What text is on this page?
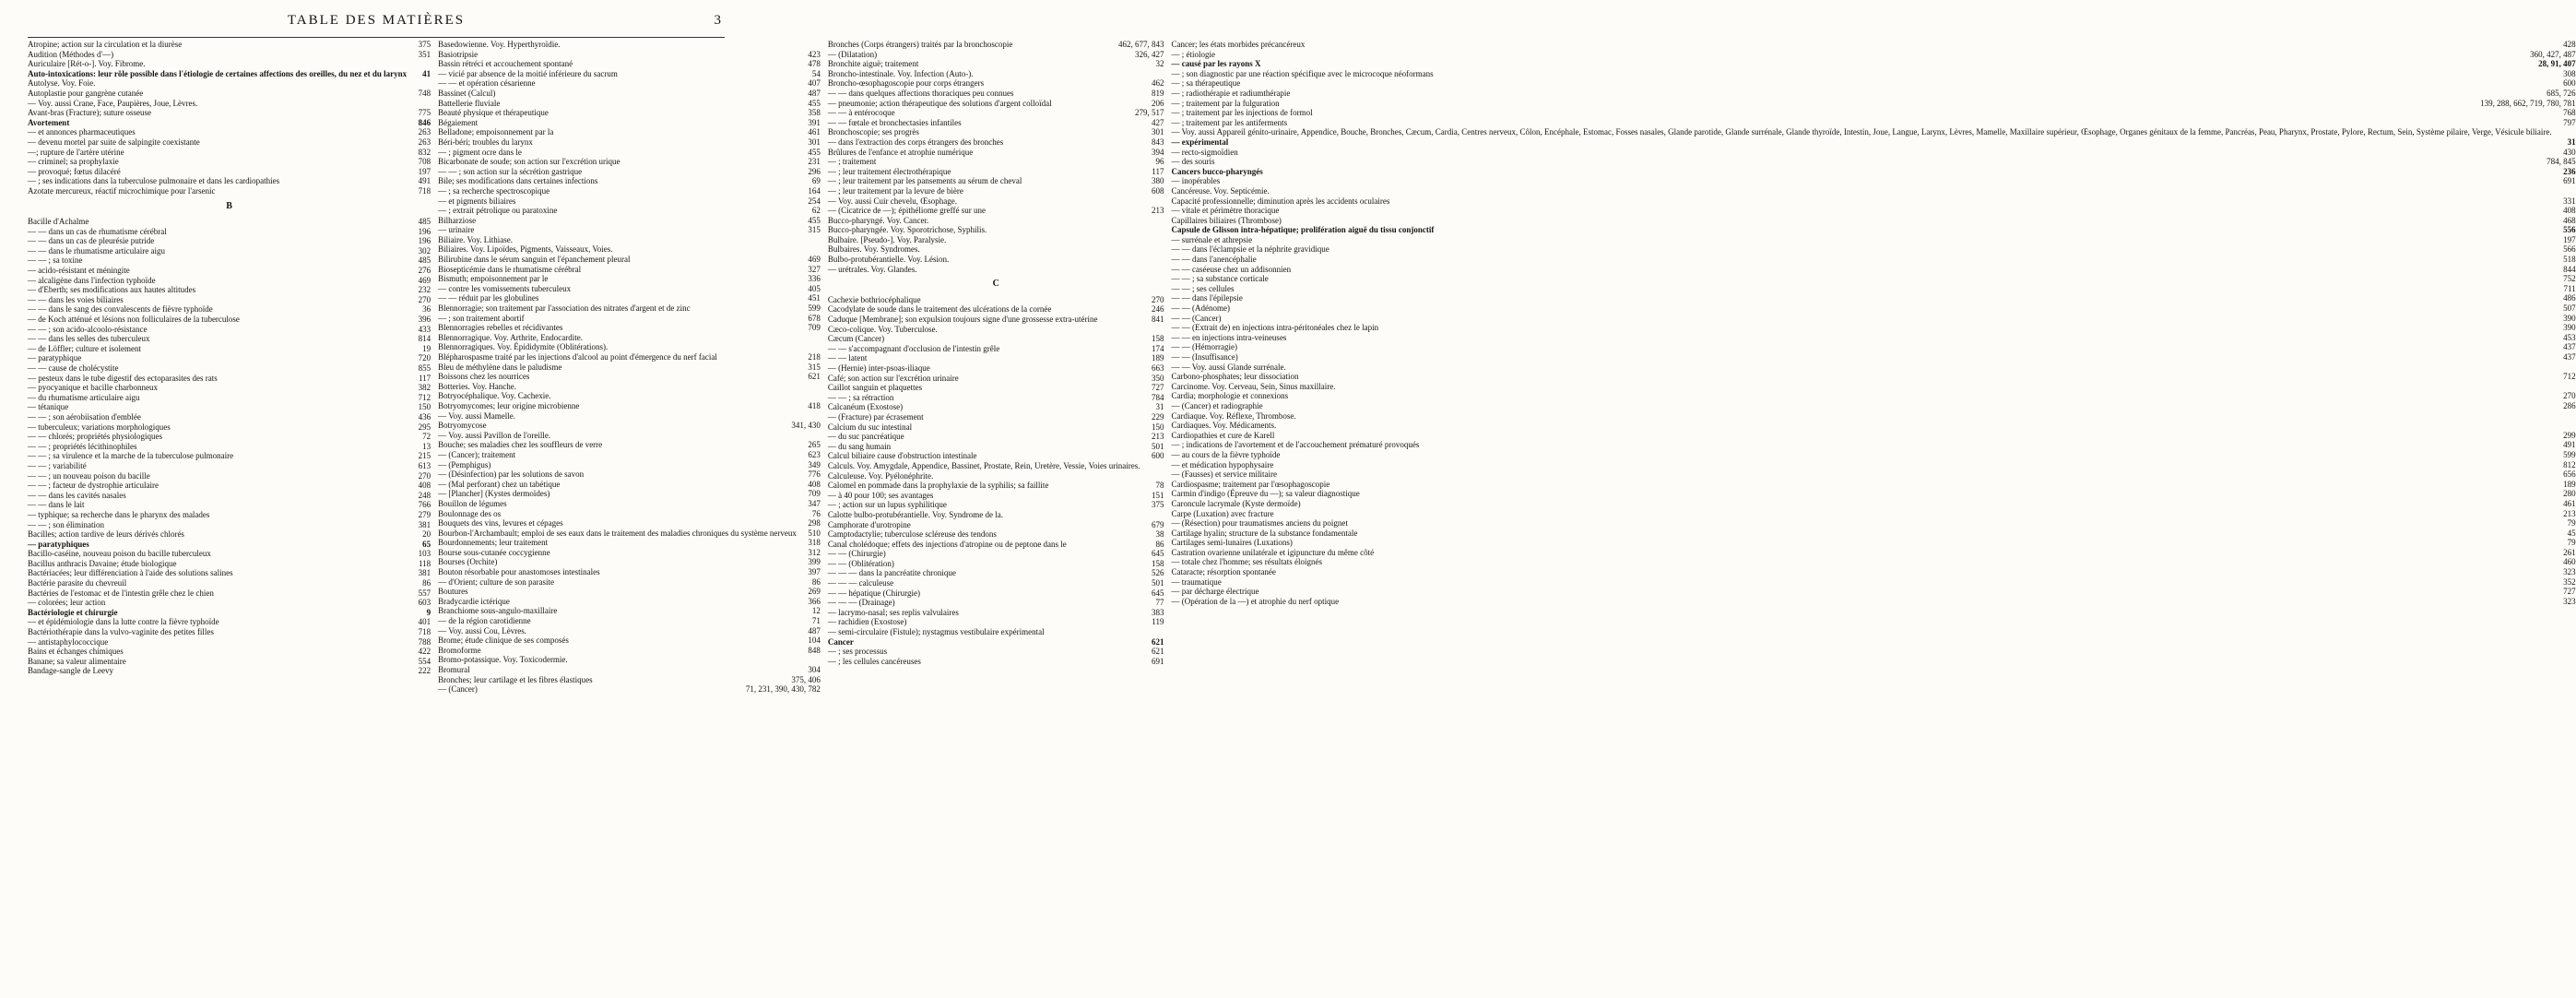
TABLE DES MATIÈRES	3
Atropine; action sur la circulation et la diurèse	375
Audition (Méthodes d'—)	351
Auriculaire [Rét-o-]. Voy. Fibrome.
Auto-intoxications: leur rôle possible dans l'étiologie de certaines affections des oreilles, du nez et du larynx	41
Autolyse. Voy. Foie.
Autoplastie pour gangrène cutanée	748
— Voy. aussi Crane, Face, Paupières, Joue, Lèvres.
Avant-bras (Fracture); suture osseuse	775
Avortement	846
— et annonces pharmaceutiques	263
— devenu mortel par suite de salpingite coexistante	263
—; rupture de l'artère utérine	832
— criminel; sa prophylaxie	708
— provoqué; fœtus dilacéré	197
— ; ses indications dans la tuberculose pulmonaire et dans les cardiopathies	491
Azotate mercureux, réactif microchimique pour l'arsenic	718
B
Bacille d'Achalme	485
— — dans un cas de rhumatisme cérébral	196
— — dans un cas de pleurésie putride	196
— — dans le rhumatisme articulaire aigu	302
— — ; sa toxine	485
— acido-résistant et méningite	276
— alcaligène dans l'infection typhoïde	469
— d'Eberth; ses modifications aux hautes altitudes	232
— — dans les voies biliaires	270
— — dans le sang des convalescents de fièvre typhoïde	36
— de Koch atténué et lésions non folliculaires de la tuberculose	396
— — ; son acido-alcoolo-résistance	433
— — dans les selles des tuberculeux	814
— de Löffler; culture et isolement	19
— paratyphique	720
— — cause de cholécystite	855
— pesteux dans le tube digestif des ectoparasites des rats	117
— pyocyanique et bacille charbonneux	382
— du rhumatisme articulaire aigu	712
— tétanique	150
— — ; son aérobiisation d'emblée	436
— tuberculeux; variations morphologiques	295
— — chlorés; propriétés physiologiques	72
— — ; propriétés lécithinophiles	13
— — ; sa virulence et la marche de la tuberculose pulmonaire	215
— — ; variabilité	613
— — ; un nouveau poison du bacille	270
— — ; facteur de dystrophie articulaire	408
— — dans les cavités nasales	248
— — dans le lait	766
— typhique; sa recherche dans le pharynx des malades	279
— — ; son élimination	381
Bacilles; action tardive de leurs dérivés chlorés	20
— paratyphiques	65
Bacillo-caséine, nouveau poison du bacille tuberculeux	103
Bacillus anthracis Davaine; étude biologique	118
Bactériacées; leur différenciation à l'aide des solutions salines	381
Bactérie parasite du chevreuil	86
Bactéries de l'estomac et de l'intestin grêle chez le chien	557
— colorées; leur action	603
Bactériologie et chirurgie	9
— et épidémiologie dans la lutte contre la fièvre typhoïde	401
Bactériothérapie dans la vulvo-vaginite des petites filles	718
— antistaphylococcique	788
Bains et échanges chimiques	422
Banane; sa valeur alimentaire	554
Bandage-sangle de Leevy	222
Basedowienne. Voy. Hyperthyroïdie.
Basiotripsie	423
Bassin rétréci et accouchement spontané	478
— vicié par absence de la moitié inférieure du sacrum	54
— — et opération césarienne	407
Bassinet (Calcul)	487
Battellerie fluviale	455
Beauté physique et thérapeutique	358
Bégaiement	391
Belladone; empoisonnement par la	461
Béri-béri; troubles du larynx	301
— ; pigment ocre dans le	455
Bicarbonate de soude; son action sur l'excrétion urique	231
— — ; son action sur la sécrétion gastrique	296
Bile; ses modifications dans certaines infections	69
— ; sa recherche spectroscopique	164
— et pigments biliaires	254
— ; extrait pétrolique ou paratoxine	62
Bilharziose	455
— urinaire	315
Biliaire. Voy. Lithiase.
Biliaires. Voy. Lipoïdes, Pigments, Vaisseaux, Voies.
Bilirubine dans le sérum sanguin et l'épanchement pleural	469
Biosepticémie dans le rhumatisme cérébral	327
Bismuth; empoisonnement par le	336
— contre les vomissements tuberculeux	405
— — réduit par les globulines	451
Blennorragie; son traitement par l'association des nitrates d'argent et de zinc	599
— ; son traitement abortif	678
Blennorragies rebelles et récidivantes	709
Blennorragique. Voy. Arthrite, Endocardite.
Blennorragiques. Voy. Épididymite (Oblitérations).
Blépharospasme traité par les injections d'alcool au point d'émergence du nerf facial	218
Bleu de méthylène dans le paludisme	315
Boissons chez les nourrices	621
Botteries. Voy. Hanche.
Botryocéphalique. Voy. Cachexie.
Botryomycomes; leur origine microbienne	418
— Voy. aussi Mamelle.
Botryomycose	341, 430
— Voy. aussi Pavillon de l'oreille.
Bouche; ses maladies chez les souffleurs de verre	265
— (Cancer); traitement	623
— (Pemphigus)	349
— (Désinfection) par les solutions de savon	776
— (Mal perforant) chez un tabétique	408
— [Plancher] (Kystes dermoïdes)	709
Bouillon de légumes	347
Boulonnage des os	76
Bouquets des vins, levures et cépages	298
Bourbon-l'Archambault; emploi de ses eaux dans le traitement des maladies chroniques du système nerveux	510
Bourdonnements; leur traitement	318
Bourse sous-cutanée coccygienne	312
Bourses (Orchite)	399
Bouton résorbable pour anastomoses intestinales	397
— d'Orient; culture de son parasite	86
Boutures	269
Bradycardie ictérique	366
Branchiome sous-angulo-maxillaire	12
— de la région carotidienne	71
— Voy. aussi Cou, Lèvres.	487
Brome; étude clinique de ses composés	104
Bromoforme	848
Bromo-potassique. Voy. Toxicodermie.
Bromural	304
Bronches; leur cartilage et les fibres élastiques	375, 406
— (Cancer)	71, 231, 390, 430, 782
Bronches (Corps étrangers) traités par la bronchoscopie	462, 677, 843
— (Dilatation)	326, 427
Bronchite aiguë; traitement	32
Broncho-intestinale. Voy. Infection (Auto-).
Broncho-œsophagoscopie pour corps étrangers	462
— — dans quelques affections thoraciques peu connues	819
— pneumonie; action thérapeutique des solutions d'argent colloïdal	206
— — à entérocoque	279, 517
— — fœtale et bronchectasies infantiles	427
Bronchoscopie; ses progrès	301
— dans l'extraction des corps étrangers des bronches	843
Brûlures de l'enfance et atrophie numérique	394
— ; traitement	96
— ; leur traitement électrothérapique	117
— ; leur traitement par les pansements au sérum de cheval	380
— ; leur traitement par la levure de bière	608
— Voy. aussi Cuir chevelu, Œsophage.
— (Cicatrice de —); épithéliome greffé sur une	213
Bucco-pharyngé. Voy. Cancer.
Bucco-pharyngée. Voy. Sporotrichose, Syphilis.
Bulbaire. [Pseudo-]. Voy. Paralysie.
Bulbaires. Voy. Syndromes.
Bulbo-protubérantielle. Voy. Lésion.
— urétrales. Voy. Glandes.
C
Cachexie bothriocéphalique	270
Cacodylate de soude dans le traitement des ulcérations de la cornée	246
Caduque [Membrane]; son expulsion toujours signe d'une grossesse extra-utérine	841
Cæco-colique. Voy. Tuberculose.
Cæcum (Cancer)	158
— — s'accompagnant d'occlusion de l'intestin grêle	174
— — latent	189
— (Hernie) inter-psoas-iliaque	663
Café; son action sur l'excrétion urinaire	350
Caillot sanguin et plaquettes	727
— — ; sa rétraction	784
Calcanéum (Exostose)	31
— (Fracture) par écrasement	229
Calcium du suc intestinal	150
— du suc pancréatique	213
— du sang humain	501
Calcul biliaire cause d'obstruction intestinale	600
Calculs. Voy. Amygdale, Appendice, Bassinet, Prostate, Rein, Uretère, Vessie, Voies urinaires.
Calculeuse. Voy. Pyélonéphrite.
Calomel en pommade dans la prophylaxie de la syphilis; sa faillite	78
— à 40 pour 100; ses avantages	151
— ; action sur un lupus syphilitique	375
Calotte bulbo-protubérantielle. Voy. Syndrome de la.
Camphorate d'urotropine	679
Camptodactylie; tuberculose scléreuse des tendons	38
Canal cholédoque; effets des injections d'atropine ou de peptone dans le	86
— — (Chirurgie)	645
— — (Oblitération)	158
— — — dans la pancréatite chronique	526
— — — calculeuse	501
— — hépatique (Chirurgie)	645
— — — (Drainage)	77
— lacrymo-nasal; ses replis valvulaires	383
— rachidien (Exostose)	119
— semi-circulaire (Fistule); nystagmus vestibulaire expérimental
Cancer	621
— ; ses processus	621
— ; les cellules cancéreuses	691
Cancer; les états morbides précancéreux	428
— ; étiologie	360, 427, 487
— causé par les rayons X	28, 91, 407
— ; son diagnostic par une réaction spécifique avec le microcoque néoformans	308
— ; sa thérapeutique	600
— ; radiothérapie et radiumthérapie	685, 726
— ; traitement par la fulguration	139, 288, 662, 719, 780, 781
— ; traitement par les injections de formol	768
— ; traitement par les antiferments	797
— Voy. aussi Appareil génito-urinaire, Appendice, Bouche, Bronches, Cæcum, Cardia, Centres nerveux, Côlon, Encéphale, Estomac, Fosses nasales, Glande parotide, Glande surrénale, Glande thyroïde, Intestin, Joue, Langue, Larynx, Lèvres, Mamelle, Maxillaire supérieur, Œsophage, Organes génitaux de la femme, Pancréas, Peau, Pharynx, Prostate, Pylore, Rectum, Sein, Système pilaire, Verge, Vésicule biliaire.
— expérimental	31
— recto-sigmoïdien	430
— des souris	784, 845
Cancers bucco-pharyngés	236
— inopérables	691
Cancéreuse. Voy. Septicémie.
Capacité professionnelle; diminution après les accidents oculaires	331
— vitale et périmètre thoracique	408
Capillaires biliaires (Thrombose)	468
Capsule de Glisson intra-hépatique; prolifération aiguë du tissu conjonctif	556
— surrénale et athrepsie	197
— — dans l'éclampsie et la néphrite gravidique	566
— — dans l'anencéphalie	518
— — caséeuse chez un addisonnien	844
— — ; sa substance corticale	752
— — ; ses cellules	711
— — dans l'épilepsie	486
— — (Adénome)	507
— — (Cancer)	390
— — (Extrait de) en injections intra-péritonéales chez le lapin	390
— — en injections intra-veineuses	453
— — (Hémorragie)	437
— — (Insuffisance)	437
— — Voy. aussi Glande surrénale.
Carbono-phosphates; leur dissociation	712
Carcinome. Voy. Cerveau, Sein, Sinus maxillaire.
Cardia; morphologie et connexions	270
— (Cancer) et radiographie	286
Cardiaque. Voy. Réflexe, Thrombose.
Cardiaques. Voy. Médicaments.
Cardiopathies et cure de Karell	299
— ; indications de l'avortement et de l'accouchement prématuré provoqués	491
— au cours de la fièvre typhoïde	599
— et médication hypophysaire	812
— (Fausses) et service militaire	656
Cardiospasme; traitement par l'œsophagoscopie	189
Carmin d'indigo (Épreuve du —); sa valeur diagnostique	280
Caroncule lacrymale (Kyste dermoïde)	461
Carpe (Luxation) avec fracture	213
— (Résection) pour traumatismes anciens du poignet	79
Cartilage hyalin; structure de la substance fondamentale	45
Cartilages semi-lunaires (Luxations)	79
Castration ovarienne unilatérale et igipuncture du même côté	261
— totale chez l'homme; ses résultats éloignés	460
Cataracte; résorption spontanée	323
— traumatique	352
— par décharge électrique	727
— (Opération de la —) et atrophie du nerf optique	323
